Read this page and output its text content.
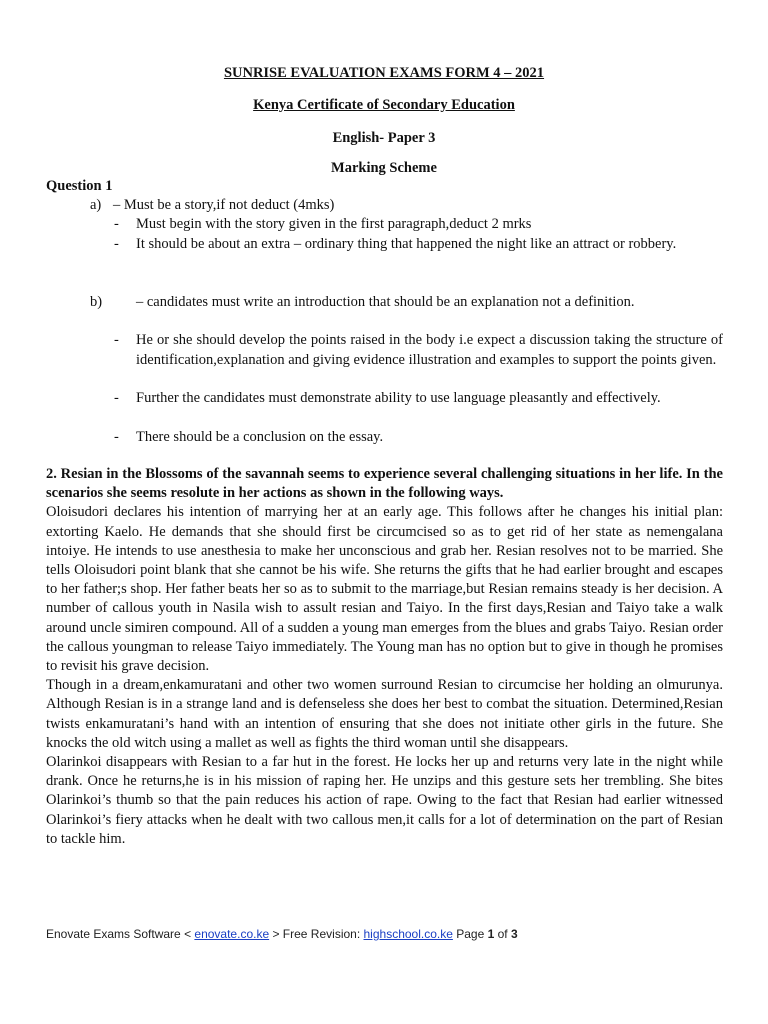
SUNRISE EVALUATION EXAMS FORM 4 – 2021
Kenya Certificate of Secondary Education
English- Paper 3
Marking Scheme
Question 1
a) – Must be a story,if not deduct (4mks)
- Must begin with the story given in the first paragraph,deduct 2 mrks
- It should be about an extra – ordinary thing that happened the night like an attract or robbery.
b) – candidates must write an introduction that should be an explanation not a definition.
- He or she should develop the points raised in the body i.e expect a discussion taking the structure of identification,explanation and giving evidence illustration and examples to support the points given.
- Further the candidates must demonstrate ability to use language pleasantly and effectively.
- There should be a conclusion on the essay.

2. Resian in the Blossoms of the savannah seems to experience several challenging situations in her life. In the scenarios she seems resolute in her actions as shown in the following ways.

Oloisudori declares his intention of marrying her at an early age. This follows after he changes his initial plan: extorting Kaelo. He demands that she should first be circumcised so as to get rid of her state as nemengalana intoiye. He intends to use anesthesia to make her unconscious and grab her. Resian resolves not to be married. She tells Oloisudori point blank that she cannot be his wife. She returns the gifts that he had earlier brought and escapes to her father;s shop. Her father beats her so as to submit to the marriage,but Resian remains steady is her decision. A number of callous youth in Nasila wish to assult resian and Taiyo. In the first days,Resian and Taiyo take a walk around uncle simiren compound. All of a sudden a young man emerges from the blues and grabs Taiyo. Resian order the callous youngman to release Taiyo immediately. The Young man has no option but to give in though he promises to revisit his grave decision.

Though in a dream,enkamuratani and other two women surround Resian to circumcise her holding an olmurunya. Although Resian is in a strange land and is defenseless she does her best to combat the situation. Determined,Resian twists enkamuratani’s hand with an intention of ensuring that she does not initiate other girls in the future. She knocks the old witch using a mallet as well as fights the third woman until she disappears.

Olarinkoi disappears with Resian to a far hut in the forest. He locks her up and returns very late in the night while drank. Once he returns,he is in his mission of raping her. He unzips and this gesture sets her trembling. She bites Olarinkoi’s thumb so that the pain reduces his action of rape. Owing to the fact that Resian had earlier witnessed Olarinkoi’s fiery attacks when he dealt with two callous men,it calls for a lot of determination on the part of Resian to tackle him.

Enovate Exams Software < enovate.co.ke > Free Revision: highschool.co.ke Page 1 of 3
